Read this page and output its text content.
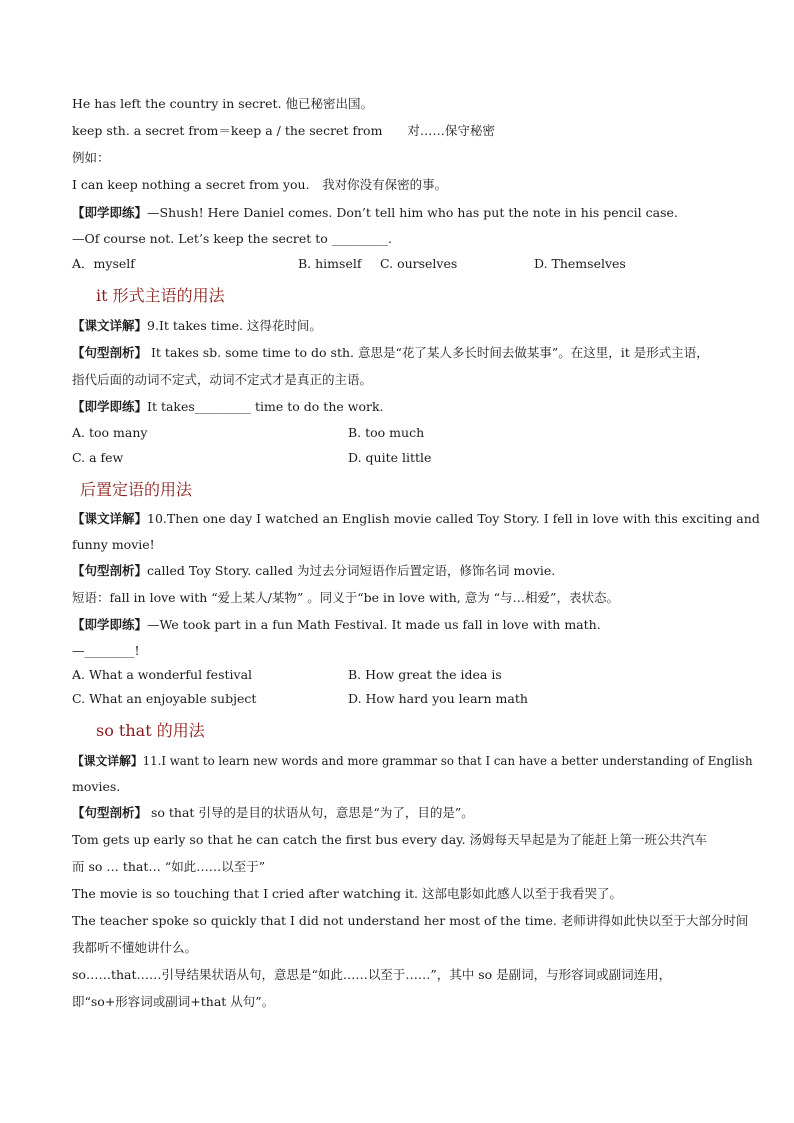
He has left the country in secret. 他已秘密出国。
keep sth. a secret from＝keep a / the secret from　　对……保守秘密
例如：
I can keep nothing a secret from you.　我对你没有保密的事。
【即学即练】—Shush! Here Daniel comes. Don’t tell him who has put the note in his pencil case.
—Of course not. Let’s keep the secret to _________.
A．myself	B. himself C. ourselves	D. Themselves
it 形式主语的用法
【课文详解】9.It takes time. 这得花时间。
【句型剖析】 It takes sb. some time to do sth. 意思是“花了某人多长时间去做某事”。在这里，it 是形式主语，
指代后面的动词不定式，动词不定式才是真正的主语。
【即学即练】It takes_________ time to do the work.
A. too many	B. too much
C. a few	D. quite little
后置定语的用法
【课文详解】10.Then one day I watched an English movie called Toy Story. I fell in love with this exciting and
funny movie!
【句型剖析】called Toy Story. called 为过去分词短语作后置定语，修饰名词 movie.
短语：fall in love with “爱上某人/某物” 。同义于“be in love with, 意为 “与…相爱”，表状态。
【即学即练】—We took part in a fun Math Festival. It made us fall in love with math.
—________!
A. What a wonderful festival	B. How great the idea is
C. What an enjoyable subject	D. How hard you learn math
so that 的用法
【课文详解】11.I want to learn new words and more grammar so that I can have a better understanding of English
movies.
【句型剖析】 so that 引导的是目的状语从句，意思是“为了，目的是”。
Tom gets up early so that he can catch the first bus every day. 汤姆每天早起是为了能赶上第一班公共汽车
而 so … that… “如此……以至于”
The movie is so touching that I cried after watching it. 这部电影如此感人以至于我看哭了。
The teacher spoke so quickly that I did not understand her most of the time. 老师讲得如此快以至于大部分时间
我都听不懂她讲什么。
so……that……引导结果状语从句，意思是“如此……以至于……”，其中 so 是副词，与形容词或副词连用，
即“so+形容词或副词+that 从句”。
